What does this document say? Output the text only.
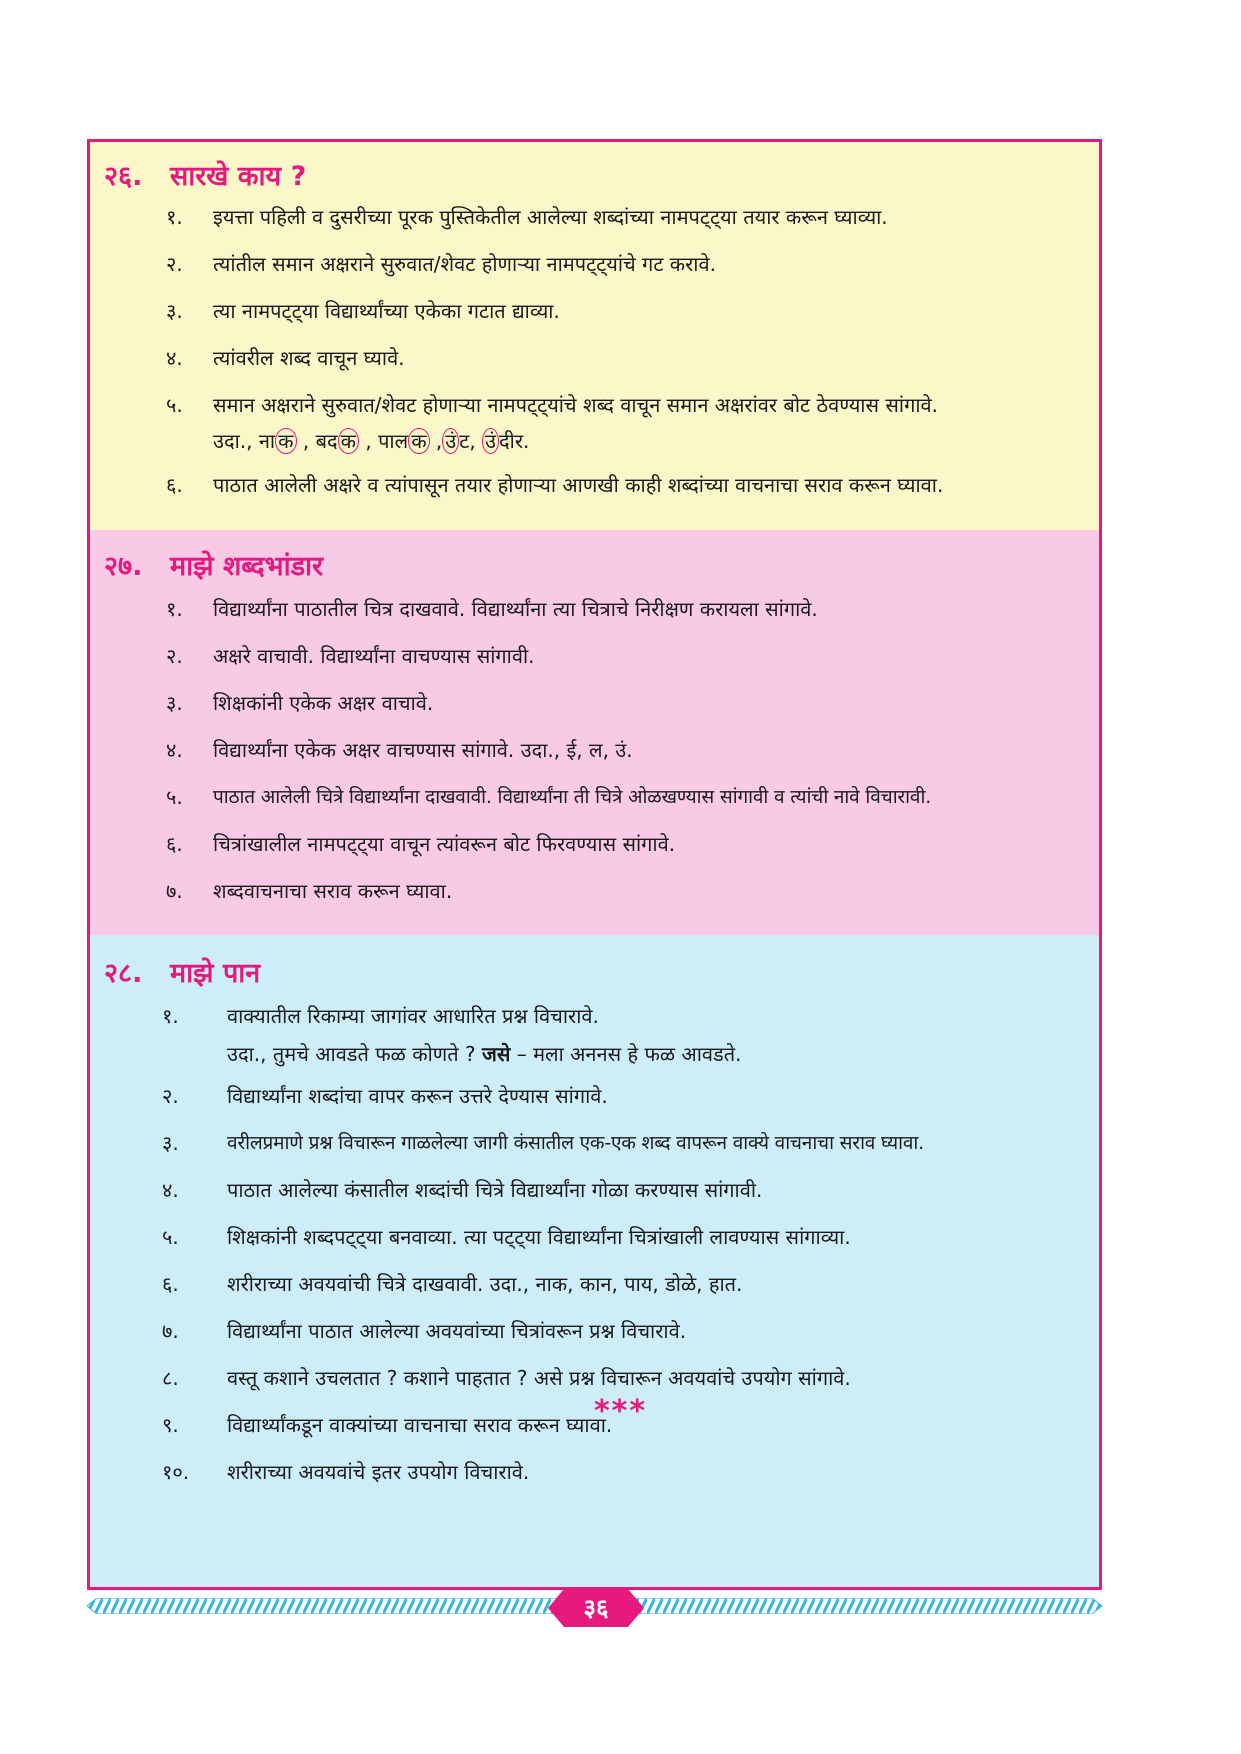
२६. सारखे काय ?
१. इयत्ता पहिली व दुसरीच्या पूरक पुस्तिकेतील आलेल्या शब्दांच्या नामपट्ट्या तयार करून घ्याव्या.
२. त्यांतील समान अक्षराने सुरुवात/शेवट होणाऱ्या नामपट्ट्यांचे गट करावे.
३. त्या नामपट्ट्या विद्यार्थ्यांच्या एकेका गटात द्याव्या.
४. त्यांवरील शब्द वाचून घ्यावे.
५. समान अक्षराने सुरुवात/शेवट होणाऱ्या नामपट्ट्यांचे शब्द वाचून समान अक्षरांवर बोट ठेवण्यास सांगावे.
उदा., ना क , बद क , पाल क , उं ट, उं दीर.
६. पाठात आलेली अक्षरे व त्यांपासून तयार होणाऱ्या आणखी काही शब्दांच्या वाचनाचा सराव करून घ्यावा.
२७. माझे शब्दभांडार
१. विद्यार्थ्यांना पाठातील चित्र दाखवावे. विद्यार्थ्यांना त्या चित्राचे निरीक्षण करायला सांगावे.
२. अक्षरे वाचावी. विद्यार्थ्यांना वाचण्यास सांगावी.
३. शिक्षकांनी एकेक अक्षर वाचावे.
४. विद्यार्थ्यांना एकेक अक्षर वाचण्यास सांगावे. उदा., ई, ल, उं.
५. पाठात आलेली चित्रे विद्यार्थ्यांना दाखवावी. विद्यार्थ्यांना ती चित्रे ओळखण्यास सांगावी व त्यांची नावे विचारावी.
६. चित्रांखालील नामपट्ट्या वाचून त्यांवरून बोट फिरवण्यास सांगावे.
७. शब्दवाचनाचा सराव करून घ्यावा.
२८. माझे पान
१. वाक्यातील रिकाम्या जागांवर आधारित प्रश्न विचारावे.
उदा., तुमचे आवडते फळ कोणते ? जसे – मला अननस हे फळ आवडते.
२. विद्यार्थ्यांना शब्दांचा वापर करून उत्तरे देण्यास सांगावे.
३.	वरीलप्रमाणे प्रश्न विचारून गाळलेल्या जागी कंसातील एक-एक शब्द वापरून वाक्ये वाचनाचा सराव घ्यावा.
४. पाठात आलेल्या कंसातील शब्दांची चित्रे विद्यार्थ्यांना गोळा करण्यास सांगावी.
५. शिक्षकांनी शब्दपट्ट्या बनवाव्या. त्या पट्ट्या विद्यार्थ्यांना चित्रांखाली लावण्यास सांगाव्या.
६. शरीराच्या अवयवांची चित्रे दाखवावी. उदा., नाक, कान, पाय, डोळे, हात.
७. विद्यार्थ्यांना पाठात आलेल्या अवयवांच्या चित्रांवरून प्रश्न विचारावे.
८. वस्तू कशाने उचलतात ? कशाने पाहतात ? असे प्रश्न विचारून अवयवांचे उपयोग सांगावे.
९. विद्यार्थ्यांकडून वाक्यांच्या वाचनाचा सराव करून घ्यावा.
१०. शरीराच्या अवयवांचे इतर उपयोग विचारावे.
***
३६
